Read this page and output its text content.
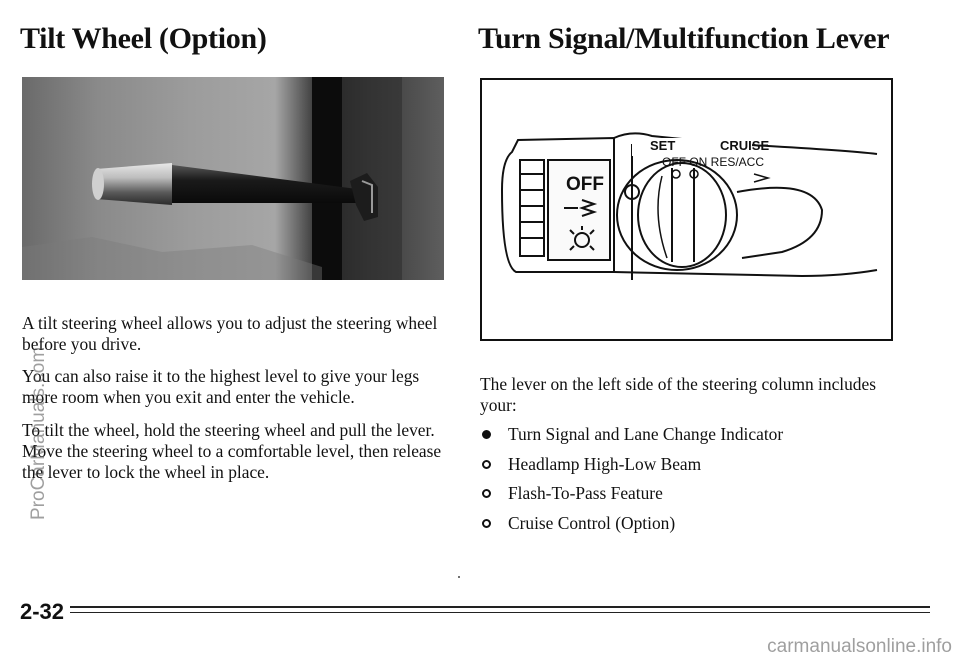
Tilt Wheel (Option)	Turn Signal/Multifunction Lever
SET	CRUISE
OFF ON RES/ACC
OFF

A tilt steering wheel allows you to adjust the steering wheel before you drive.

You can also raise it to the highest level to give your legs more room when you exit and enter the vehicle.

To tilt the wheel, hold the steering wheel and pull the lever. Move the steering wheel to a comfortable level, then release the lever to lock the wheel in place.

The lever on the left side of the steering column includes your:

Turn Signal and Lane Change Indicator
Headlamp High-Low Beam
Flash-To-Pass Feature
Cruise Control (Option)
2-32
ProCarManuals.com
carmanualsonline.info
